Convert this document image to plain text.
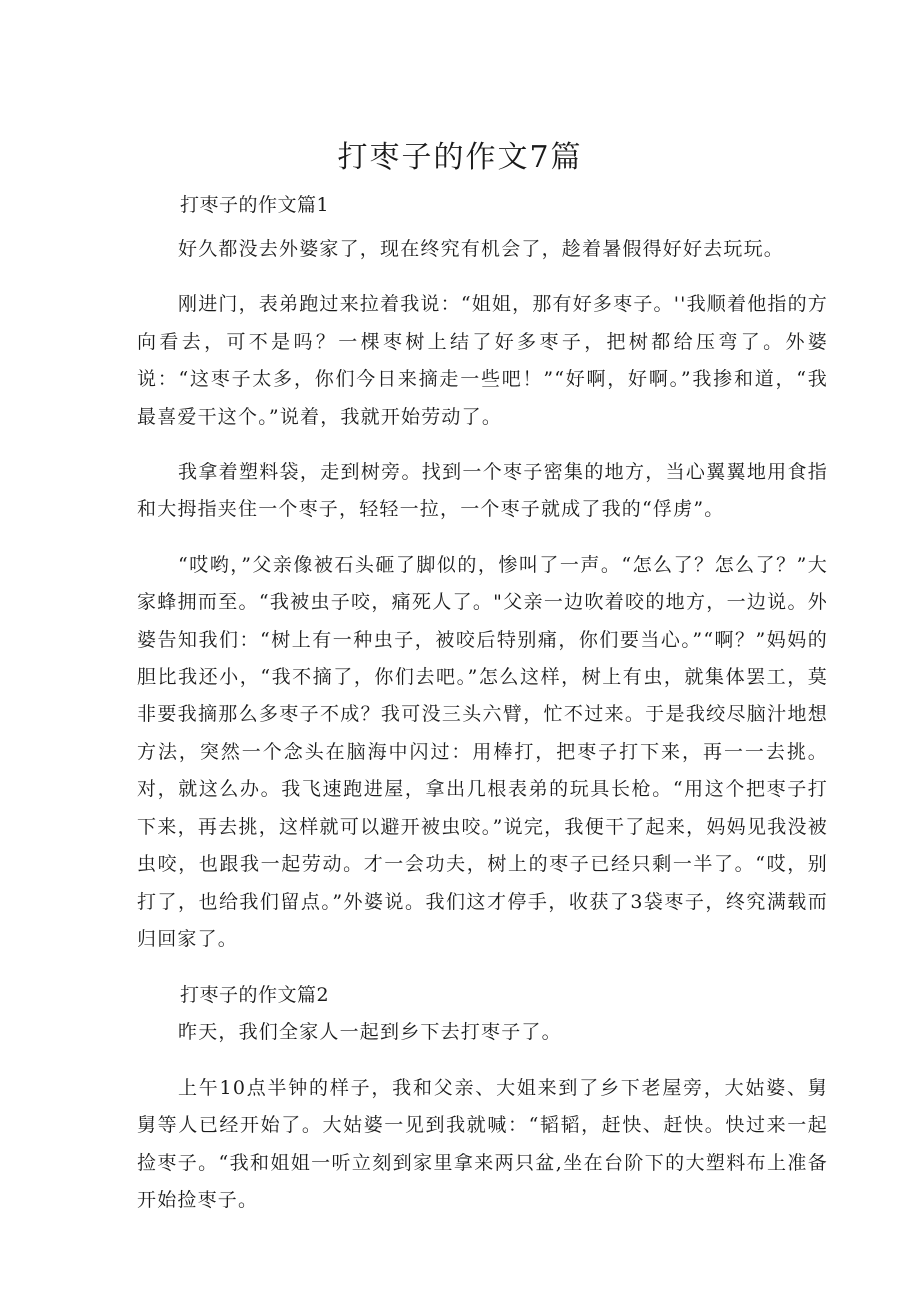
打枣子的作文7篇

打枣子的作文篇1

好久都没去外婆家了，现在终究有机会了，趁着暑假得好好去玩玩。

刚进门，表弟跑过来拉着我说：“姐姐，那有好多枣子。''我顺着他指的方向看去，可不是吗？一棵枣树上结了好多枣子，把树都给压弯了。外婆说：“这枣子太多，你们今日来摘走一些吧！”“好啊，好啊。”我掺和道，“我最喜爱干这个。”说着，我就开始劳动了。

我拿着塑料袋，走到树旁。找到一个枣子密集的地方，当心翼翼地用食指和大拇指夹住一个枣子，轻轻一拉，一个枣子就成了我的“俘虏”。

“哎哟，”父亲像被石头砸了脚似的，惨叫了一声。“怎么了？怎么了？”大家蜂拥而至。“我被虫子咬，痛死人了。"父亲一边吹着咬的地方，一边说。外婆告知我们：“树上有一种虫子，被咬后特别痛，你们要当心。”“啊？”妈妈的胆比我还小，“我不摘了，你们去吧。”怎么这样，树上有虫，就集体罢工，莫非要我摘那么多枣子不成？我可没三头六臂，忙不过来。于是我绞尽脑汁地想方法，突然一个念头在脑海中闪过：用棒打，把枣子打下来，再一一去挑。对，就这么办。我飞速跑进屋，拿出几根表弟的玩具长枪。“用这个把枣子打下来，再去挑，这样就可以避开被虫咬。”说完，我便干了起来，妈妈见我没被虫咬，也跟我一起劳动。才一会功夫，树上的枣子已经只剩一半了。“哎，别打了，也给我们留点。”外婆说。我们这才停手，收获了3袋枣子，终究满载而归回家了。

打枣子的作文篇2

昨天，我们全家人一起到乡下去打枣子了。

上午10点半钟的样子，我和父亲、大姐来到了乡下老屋旁，大姑婆、舅舅等人已经开始了。大姑婆一见到我就喊：“韬韬，赶快、赶快。快过来一起捡枣子。“我和姐姐一听立刻到家里拿来两只盆,坐在台阶下的大塑料布上准备开始捡枣子。
